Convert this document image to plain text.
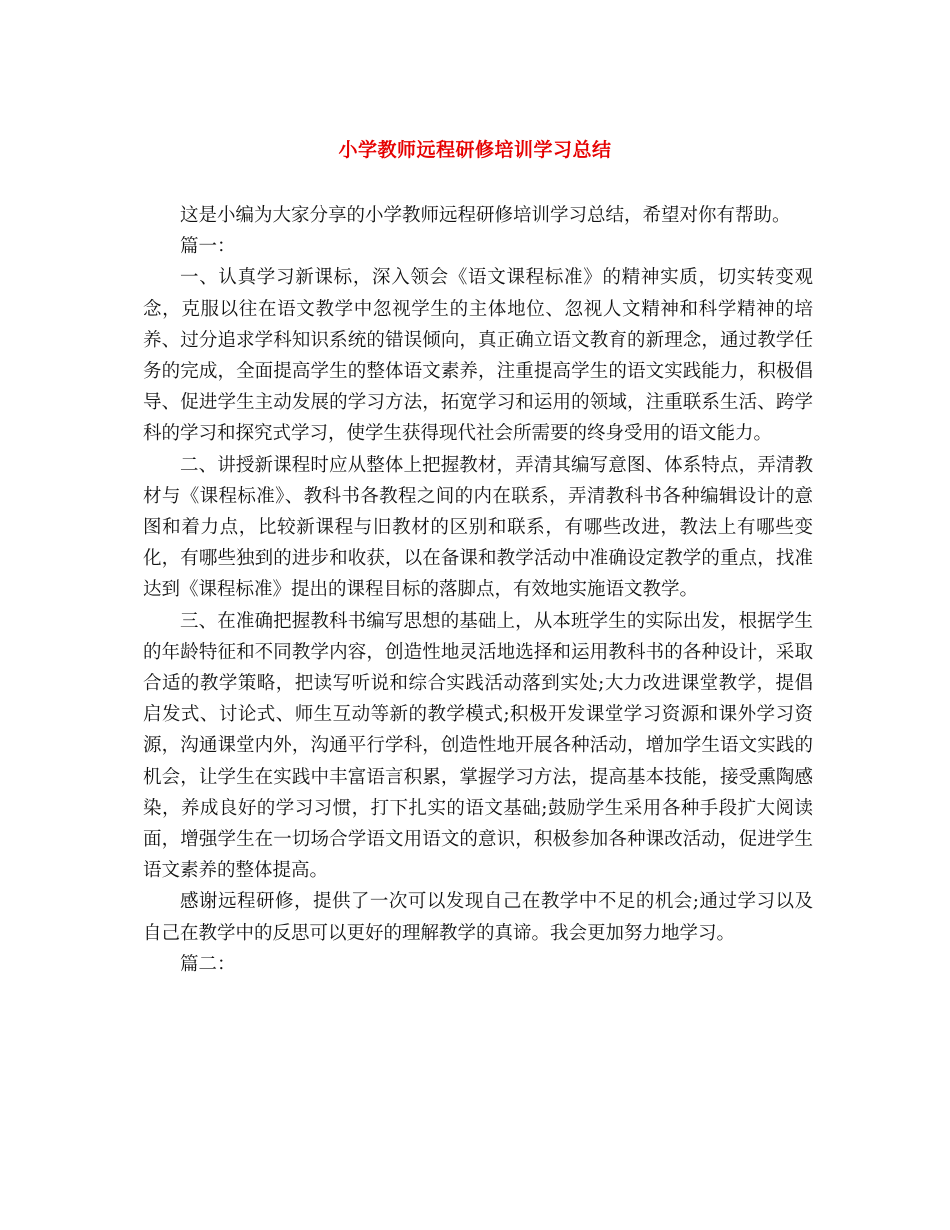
小学教师远程研修培训学习总结

这是小编为大家分享的小学教师远程研修培训学习总结，希望对你有帮助。

篇一：

一、认真学习新课标，深入领会《语文课程标准》的精神实质，切实转变观念，克服以往在语文教学中忽视学生的主体地位、忽视人文精神和科学精神的培养、过分追求学科知识系统的错误倾向，真正确立语文教育的新理念，通过教学任务的完成，全面提高学生的整体语文素养，注重提高学生的语文实践能力，积极倡导、促进学生主动发展的学习方法，拓宽学习和运用的领域，注重联系生活、跨学科的学习和探究式学习，使学生获得现代社会所需要的终身受用的语文能力。

二、讲授新课程时应从整体上把握教材，弄清其编写意图、体系特点，弄清教材与《课程标准》、教科书各教程之间的内在联系，弄清教科书各种编辑设计的意图和着力点，比较新课程与旧教材的区别和联系，有哪些改进，教法上有哪些变化，有哪些独到的进步和收获，以在备课和教学活动中准确设定教学的重点，找准达到《课程标准》提出的课程目标的落脚点，有效地实施语文教学。

三、在准确把握教科书编写思想的基础上，从本班学生的实际出发，根据学生的年龄特征和不同教学内容，创造性地灵活地选择和运用教科书的各种设计，采取合适的教学策略，把读写听说和综合实践活动落到实处;大力改进课堂教学，提倡启发式、讨论式、师生互动等新的教学模式;积极开发课堂学习资源和课外学习资源，沟通课堂内外，沟通平行学科，创造性地开展各种活动，增加学生语文实践的机会，让学生在实践中丰富语言积累，掌握学习方法，提高基本技能，接受熏陶感染，养成良好的学习习惯，打下扎实的语文基础;鼓励学生采用各种手段扩大阅读面，增强学生在一切场合学语文用语文的意识，积极参加各种课改活动，促进学生语文素养的整体提高。

感谢远程研修，提供了一次可以发现自己在教学中不足的机会;通过学习以及自己在教学中的反思可以更好的理解教学的真谛。我会更加努力地学习。

篇二：
